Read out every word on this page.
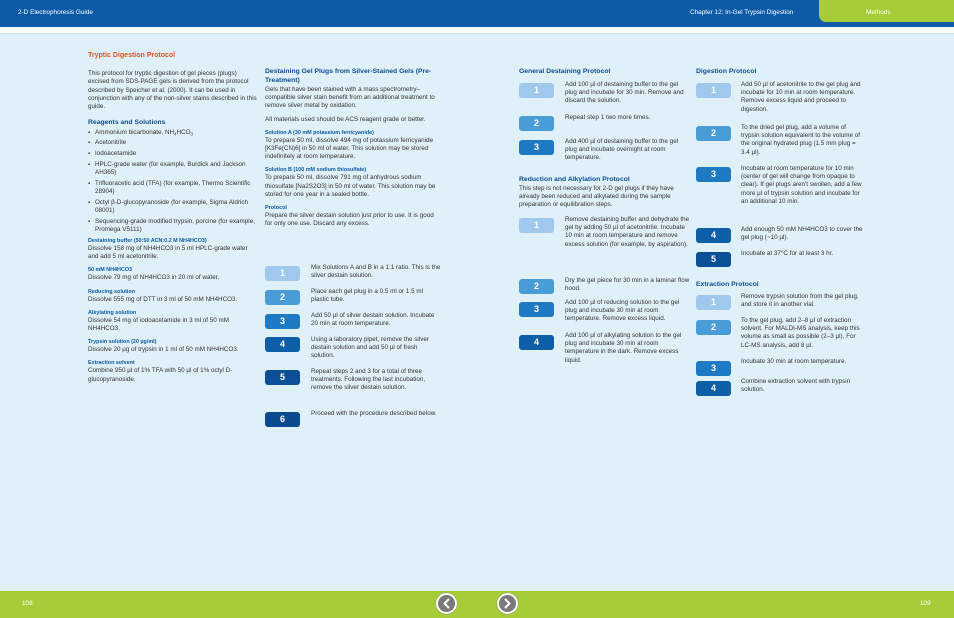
2-D Electrophoresis Guide	Chapter 12: In-Gel Trypsin Digestion	Methods
Tryptic Digestion Protocol

This protocol for tryptic digestion of gel pieces (plugs) excised from SDS-PAGE gels is derived from the protocol described by Speicher et al. (2000). It can be used in conjunction with any of the non-silver stains described in this guide.

Reagents and Solutions
▪ Ammonium bicarbonate, $NH_4HCO_3$
▪ Acetonitrile
▪ Iodoacetamide
▪ HPLC-grade water (for example, Burdick and Jackson AH365)
▪ Trifluoracetic acid (TFA) (for example, Thermo Scientific 28904)
▪ Octyl β-D-glucopyranoside (for example, Sigma Aldrich 08001)
▪ Sequencing-grade modified trypsin, porcine (for example, Promega V5111)
Destaining buffer (50:50 ACN:0.2 M NH4HCO3)

Dissolve 158 mg of NH4HCO3 in 5 ml HPLC-grade water and add 5 ml acetonitrile.

50 mM NH4HCO3

Dissolve 79 mg of NH4HCO3 in 20 ml of water.

Reducing solution

Dissolve 555 mg of DTT in 3 ml of 50 mM NH4HCO3.

Alkylating solution

Dissolve 54 mg of iodoacetamide in 3 ml of 50 mM NH4HCO3.

Trypsin solution (20 µg/ml)

Dissolve 20 µg of trypsin in 1 ml of 50 mM NH4HCO3.

Extraction solvent

Combine 950 µl of 1% TFA with 50 µl of 1% octyl D-glucopyranoside.

Destaining Gel Plugs from Silver-Stained Gels (Pre-Treatment)

Gels that have been stained with a mass spectrometry–compatible silver stain benefit from an additional treatment to remove silver metal by oxidation.

All materials used should be ACS reagent grade or better.

Solution A (30 mM potassium ferricyanide)

To prepare 50 ml, dissolve 494 mg of potassium ferricyanide [K3Fe(CN)6] in 50 ml of water. This solution may be stored indefinitely at room temperature.

Solution B (100 mM sodium thiosulfate)

To prepare 50 ml, dissolve 791 mg of anhydrous sodium thiosulfate [Na2S2O3] in 50 ml of water. This solution may be stored for one year in a sealed bottle.

Protocol

Prepare the silver destain solution just prior to use. It is good for only one use. Discard any excess.

1
Mix Solutions A and B in a 1:1 ratio. This is the silver destain solution.
2
Place each gel plug in a 0.5 ml or 1.5 ml plastic tube.
3
Add 50 µl of silver destain solution. Incubate 20 min at room temperature.
4	Using a laboratory pipet, remove the silver destain solution and add 50 µl of fresh solution.
5
Repeat steps 2 and 3 for a total of three treatments. Following the last incubation, remove the silver destain solution.
6
Proceed with the procedure described below.
General Destaining Protocol
1
Add 100 µl of destaining buffer to the gel plug and incubate for 30 min. Remove and discard the solution.
2
Repeat step 1 two more times.
3
Add 400 µl of destaining buffer to the gel plug and incubate overnight at room temperature.
Reduction and Alkylation Protocol
This step is not necessary for 2-D gel plugs if they have already been reduced and alkylated during the sample preparation or equilibration steps.
1
Remove destaining buffer and dehydrate the gel by adding 50 µl of acetonitrile. Incubate 10 min at room temperature and remove excess solution (for example, by aspiration).
2
Dry the gel piece for 30 min in a laminar flow hood.
3
Add 100 µl of reducing solution to the gel plug and incubate 30 min at room temperature. Remove excess liquid.
4
Add 100 µl of alkylating solution to the gel plug and incubate 30 min at room temperature in the dark. Remove excess liquid.
Digestion Protocol
1
Add 50 µl of acetonitrile to the gel plug and incubate for 10 min at room temperature. Remove excess liquid and proceed to digestion.
2
To the dried gel plug, add a volume of trypsin solution equivalent to the volume of the original hydrated plug (1.5 mm plug = 3.4 µl).
3
Incubate at room temperature for 10 min (center of gel will change from opaque to clear). If gel plugs aren't swollen, add a few more µl of trypsin solution and incubate for an additional 10 min.
4
Add enough 50 mM NH4HCO3 to cover the gel plug (~10 µl).
5
Incubate at 37°C for at least 3 hr.
Extraction Protocol
1
Remove trypsin solution from the gel plug, and store it in another vial.
2
To the gel plug, add 2–8 µl of extraction solvent. For MALDI-MS analysis, keep this volume as small as possible (2–3 µl). For LC-MS analysis, add 8 µl.
3
Incubate 30 min at room temperature.
4
Combine extraction solvent with trypsin solution.
108	109
